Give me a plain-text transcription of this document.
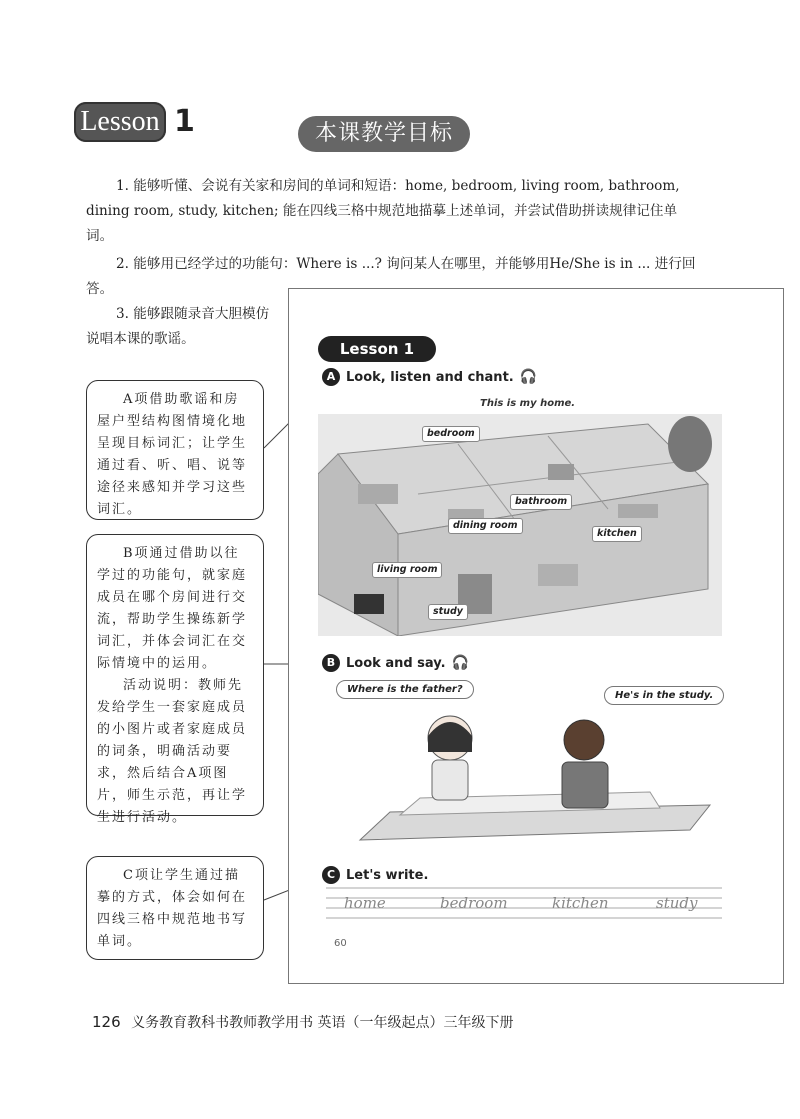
Lesson 1	本课教学目标
1. 能够听懂、会说有关家和房间的单词和短语：home, bedroom, living room, bathroom, dining room, study, kitchen; 能在四线三格中规范地描摹上述单词，并尝试借助拼读规律记住单词。
2. 能够用已经学过的功能句：Where is ...? 询问某人在哪里，并能够用He/She is in ... 进行回答。
3. 能够跟随录音大胆模仿说唱本课的歌谣。

A项借助歌谣和房屋户型结构图情境化地呈现目标词汇；让学生通过看、听、唱、说等途径来感知并学习这些词汇。

B项通过借助以往学过的功能句，就家庭成员在哪个房间进行交流，帮助学生操练新学词汇，并体会词汇在交际情境中的运用。

活动说明：教师先发给学生一套家庭成员的小图片或者家庭成员的词条，明确活动要求，然后结合A项图片，师生示范，再让学生进行活动。

C项让学生通过描摹的方式，体会如何在四线三格中规范地书写单词。

Lesson 1
A Look, listen and chant. 🎧
This is my home.
bedroom
bathroom
dining room
kitchen
living room
study
B Look and say. 🎧
Where is the father?
He's in the study.
C Let's write.
home	bedroom	kitchen	study
60
126 义务教育教科书教师教学用书 英语（一年级起点）三年级下册
